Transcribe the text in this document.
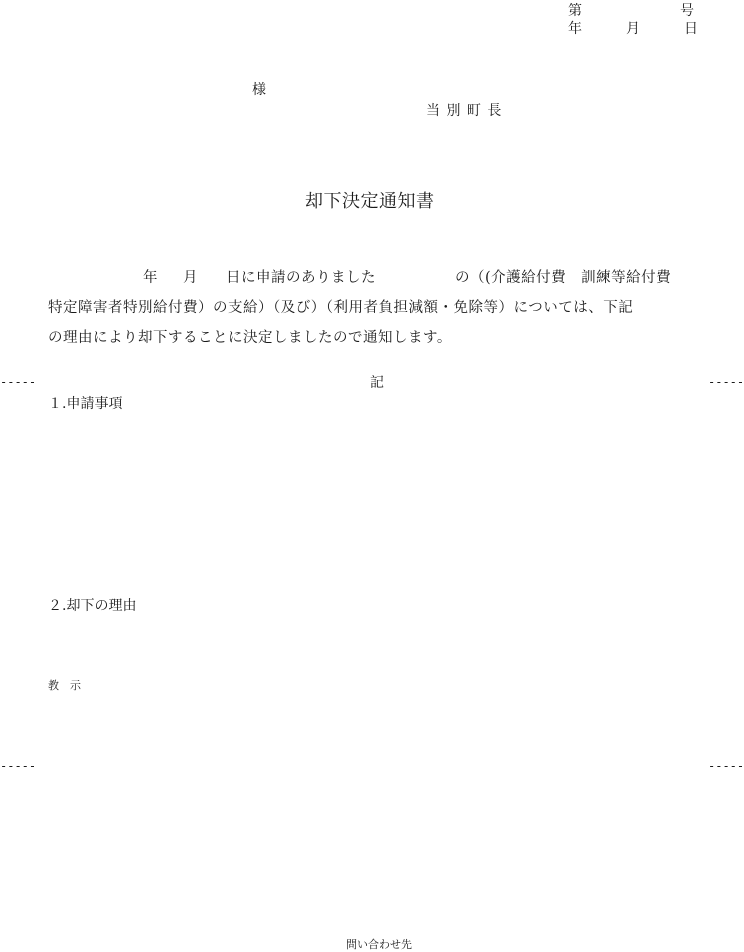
第	号
年	月	日
様
当 別 町 長
却下決定通知書
年 月 日に申請のありました	の（(介護給付費　訓練等給付費
特定障害者特別給付費）の支給）（及び）（利用者負担減額・免除等）については、下記
の理由により却下することに決定しましたので通知します。
記
-----	-----
１.申請事項
２.却下の理由
教　示
-----	-----
問い合わせ先
